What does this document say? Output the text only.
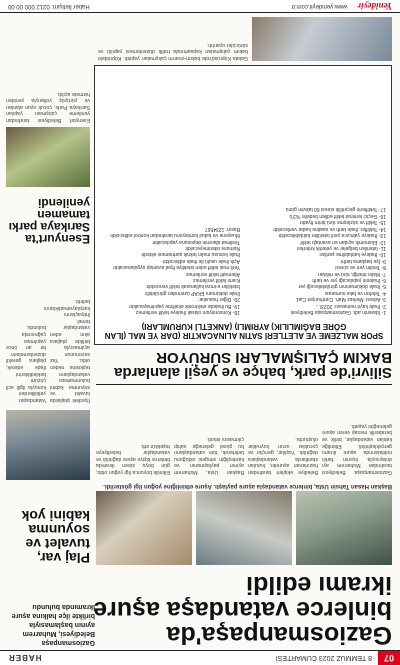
07
8 TEMMUZ 2023 CUMARTESİ
HABER
Gaziosmanpaşa'da binlerce vatandaşa aşure ikramı edildi
Gaziosmanpaşa Belediyesi, Muharrem ayının başlamasıyla birlikte ilçe halkına aşure ikramında bulundu
Başkan Hasan Tahsin Usta, binlerce vatandaşla aşure paylaştı. Aşure etkinliğine yoğun ilgi gösterildi.
Gaziosmanpaşa Belediyesi tarafından Muharrem ayı dolayısıyla ilçenin farklı noktalarında aşure ikramı gerçekleştirildi. Etkinliğe katılan vatandaşlar, birlik ve beraberlik mesajı veren aşure geleneğini yaşattı.
Belediye ekipleri tarafından hazırlanan aşureler, kurulan stantlarda vatandaşlara dağıtıldı. Yaşlılar, gençler ve çocuklar uzun kuyruklar oluşturdu.
Başkan Usta, Muharrem ayının paylaşmanın ve kardeşliğin simgesi olduğunu belirterek, tüm vatandaşların bu güzel geleneğe sahip çıkmasını istedi.
Etkinlik boyunca ilgi yoğun oldu; gün boyu süren ikramda binlerce kişiye aşure dağıtıldı ve vatandaşlar belediyeye teşekkür etti.
Silivri'de park, bahçe ve yeşil alanlarda BAKIM ÇALIŞMALARI SÜRÜYOR
SPOR MALZEME VE ALETLERİ SATIN ALINACAKTIR (DAR YE MAL (İLAN GÖRE BAĞIMLILIK) AYRIMLI) (ANKETLİ KURUMLARI)
1- İdarenin adı: Gaziosmanpaşa Belediyesi
2- İhale kayıt numarası: 2023/...
3- Adresi: Merkez Mah. Cumhuriyet Cad.
4- Telefon ve faks numarası
5- İhale dokümanının görülebileceği yer
6- İhalenin yapılacağı yer ve tarih
7- Malın niteliği, türü ve miktarı
8- Teslim yeri ve süresi
9- İşe başlama tarihi
10- İhaleye katılabilme şartları
11- İstenilen belgeler ve yeterlik kriterleri
12- Ekonomik açıdan en avantajlı teklif
13- İhaleye yalnızca yerli istekliler katılabilecektir
14- Teklifler, ihale tarih ve saatine kadar verilecektir
15- Teklif ve sözleşme türü birim fiyattır
16- Geçici teminat teklif edilen bedelin %3'ü
17- Tekliflerin geçerlilik süresi 60 takvim günü
18- Konsorsiyum olarak ihaleye teklif verilemez
19- Bu ihalede elektronik eksiltme yapılmayacaktır
20- Diğer hususlar:
İhale dokümanı EKAP üzerinden görülebilir
İstekliler e-imza kullanarak teklif verecektir
Kısmi teklif verilemez
Alternatif teklif verilemez
Yerli malı teklif eden istekliye fiyat avantajı uygulanacaktır
Açık ihale usulü ile ihale edilecektir
İhale konusu malın teknik şartnamesi ektedir
Numune istenmeyecektir
Teslimat idarenin deposuna yapılacaktır
Muayene ve kabul komisyonu tarafından kontrol edilecektir
Basın: 1234567
Plaj var, tuvalet ve soyunma kabini yok
İlçedeki plajlarda tuvalet ve soyunma kabini bulunmaması vatandaşların tepkisine neden oldu. Yaz sezonunun açılmasıyla birlikte plajlara akın eden vatandaşlar temel ihtiyaçlarını karşılayamadıklarını belirtti.
Vatandaşlar yetkililerden konuyla ilgili acil çözüm beklediklerini ifade ederek, plajlara gerekli düzenlemelerin bir an önce yapılması çağrısında bulundu.
Esenyurt'ta Sarıkaya parkı tamamen yenilendi
Esenyurt Belediyesi tarafından yenileme çalışması yapılan Sarıkaya Parkı, çocuk oyun alanları ve yürüyüş yollarıyla yeniden hizmete açıldı.
Galata Köprüsü'nde bakım-onarım çalışmaları yapıldı. Köprüdeki bakım çalışmaları kapsamında trafik düzenlemesi yapıldı ve sürücüler uyarıldı.
Yenideyir
www.yenideyir.com.tr
Haber İletişim: 0212 000 00 00
